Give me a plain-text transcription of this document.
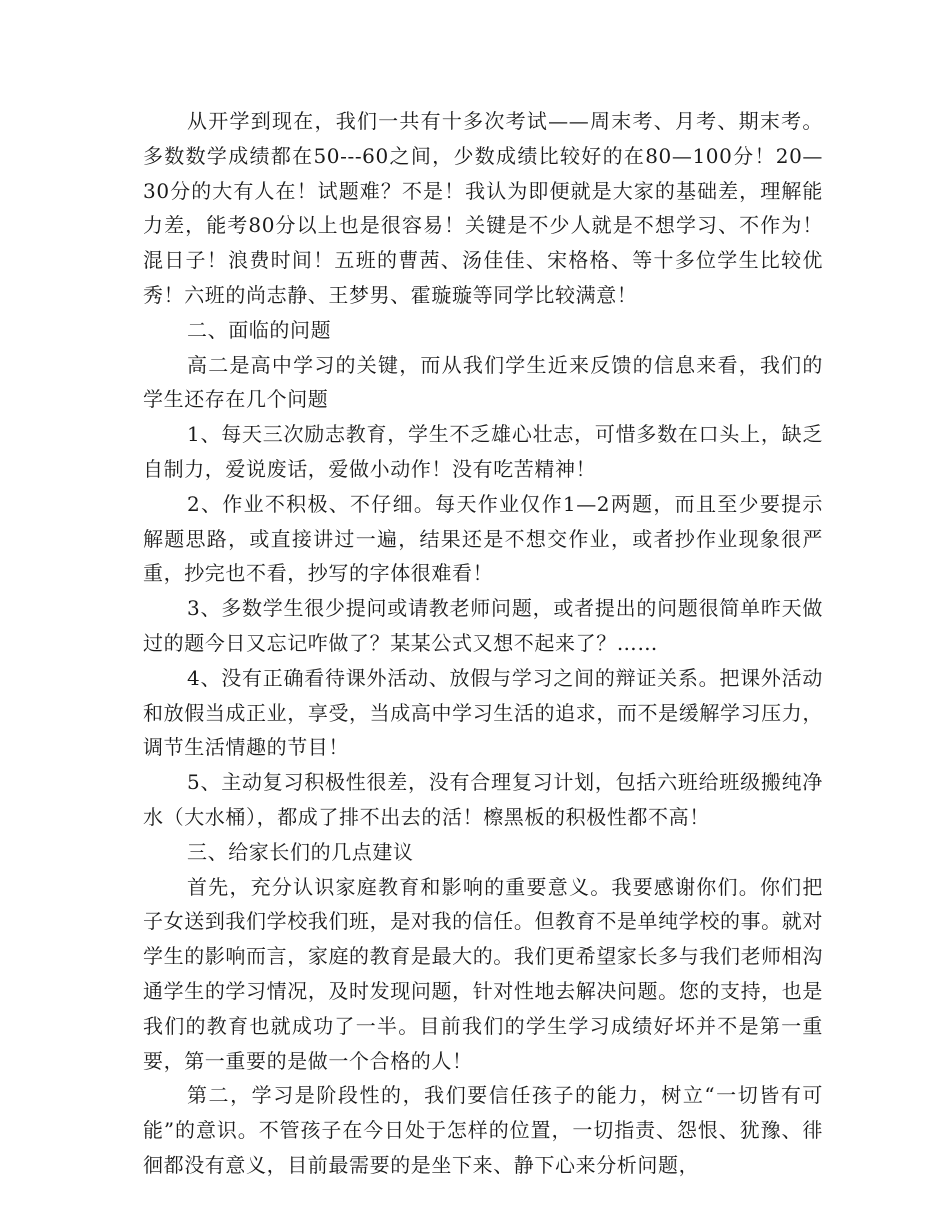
从开学到现在，我们一共有十多次考试——周末考、月考、期末考。多数数学成绩都在50---60之间，少数成绩比较好的在80—100分！20—30分的大有人在！试题难？不是！我认为即便就是大家的基础差，理解能力差，能考80分以上也是很容易！关键是不少人就是不想学习、不作为！混日子！浪费时间！五班的曹茜、汤佳佳、宋格格、等十多位学生比较优秀！六班的尚志静、王梦男、霍璇璇等同学比较满意！

二、面临的问题

高二是高中学习的关键，而从我们学生近来反馈的信息来看，我们的学生还存在几个问题

1、每天三次励志教育，学生不乏雄心壮志，可惜多数在口头上，缺乏自制力，爱说废话，爱做小动作！没有吃苦精神！

2、作业不积极、不仔细。每天作业仅作1—2两题，而且至少要提示解题思路，或直接讲过一遍，结果还是不想交作业，或者抄作业现象很严重，抄完也不看，抄写的字体很难看！

3、多数学生很少提问或请教老师问题，或者提出的问题很简单昨天做过的题今日又忘记咋做了？某某公式又想不起来了？……

4、没有正确看待课外活动、放假与学习之间的辩证关系。把课外活动和放假当成正业，享受，当成高中学习生活的追求，而不是缓解学习压力，调节生活情趣的节目！

5、主动复习积极性很差，没有合理复习计划，包括六班给班级搬纯净水（大水桶），都成了排不出去的活！檫黑板的积极性都不高！

三、给家长们的几点建议

首先，充分认识家庭教育和影响的重要意义。我要感谢你们。你们把子女送到我们学校我们班，是对我的信任。但教育不是单纯学校的事。就对学生的影响而言，家庭的教育是最大的。我们更希望家长多与我们老师相沟通学生的学习情况，及时发现问题，针对性地去解决问题。您的支持，也是我们的教育也就成功了一半。目前我们的学生学习成绩好坏并不是第一重要，第一重要的是做一个合格的人！

第二，学习是阶段性的，我们要信任孩子的能力，树立“一切皆有可能”的意识。不管孩子在今日处于怎样的位置，一切指责、怨恨、犹豫、徘徊都没有意义，目前最需要的是坐下来、静下心来分析问题，
